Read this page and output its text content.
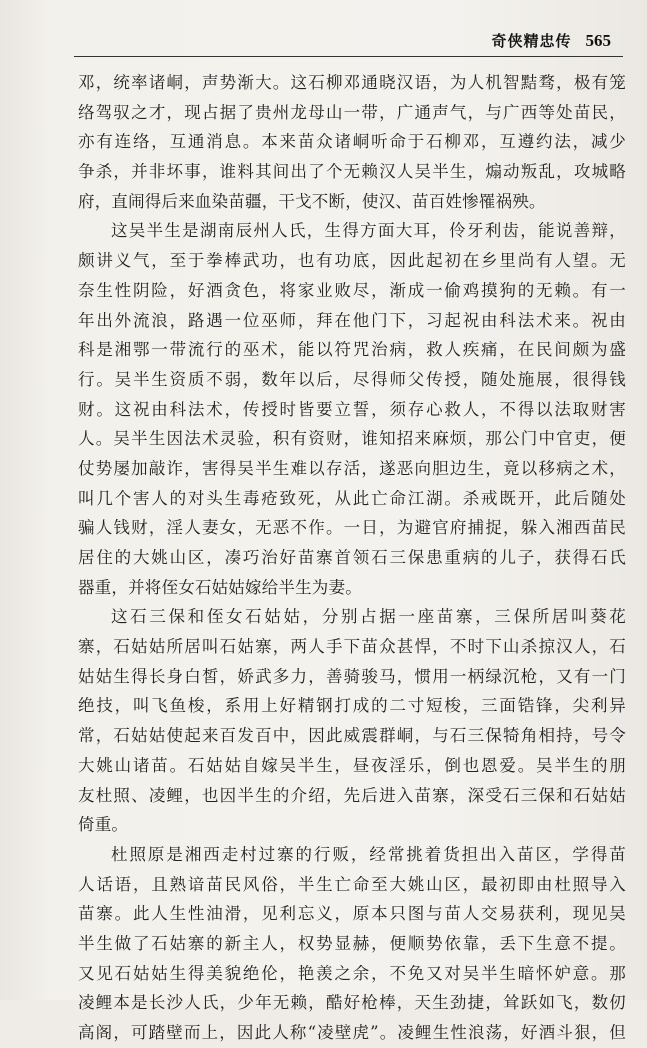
奇侠精忠传 565
邓，统率诸峒，声势渐大。这石柳邓通晓汉语，为人机智黠骛，极有笼
络驾驭之才，现占据了贵州龙母山一带，广通声气，与广西等处苗民，
亦有连络，互通消息。本来苗众诸峒听命于石柳邓，互遵约法，减少
争杀，并非坏事，谁料其间出了个无赖汉人吴半生，煽动叛乱，攻城略
府，直闹得后来血染苗疆，干戈不断，使汉、苗百姓惨罹祸殃。
这吴半生是湖南辰州人氏，生得方面大耳，伶牙利齿，能说善辩，
颇讲义气，至于拳棒武功，也有功底，因此起初在乡里尚有人望。无
奈生性阴险，好酒贪色，将家业败尽，渐成一偷鸡摸狗的无赖。有一
年出外流浪，路遇一位巫师，拜在他门下，习起祝由科法术来。祝由
科是湘鄂一带流行的巫术，能以符咒治病，救人疾痛，在民间颇为盛
行。吴半生资质不弱，数年以后，尽得师父传授，随处施展，很得钱
财。这祝由科法术，传授时皆要立誓，须存心救人，不得以法取财害
人。吴半生因法术灵验，积有资财，谁知招来麻烦，那公门中官吏，便
仗势屡加敲诈，害得吴半生难以存活，遂恶向胆边生，竟以移病之术，
叫几个害人的对头生毒疮致死，从此亡命江湖。杀戒既开，此后随处
骗人钱财，淫人妻女，无恶不作。一日，为避官府捕捉，躲入湘西苗民
居住的大姚山区，凑巧治好苗寨首领石三保患重病的儿子，获得石氏
器重，并将侄女石姑姑嫁给半生为妻。
这石三保和侄女石姑姑，分别占据一座苗寨，三保所居叫葵花
寨，石姑姑所居叫石姑寨，两人手下苗众甚悍，不时下山杀掠汉人，石
姑姑生得长身白皙，娇武多力，善骑骏马，惯用一柄绿沉枪，又有一门
绝技，叫飞鱼梭，系用上好精钢打成的二寸短梭，三面锆锋，尖利异
常，石姑姑使起来百发百中，因此威震群峒，与石三保犄角相持，号令
大姚山诸苗。石姑姑自嫁吴半生，昼夜淫乐，倒也恩爱。吴半生的朋
友杜照、凌鲤，也因半生的介绍，先后进入苗寨，深受石三保和石姑姑
倚重。
杜照原是湘西走村过寨的行贩，经常挑着货担出入苗区，学得苗
人话语，且熟谙苗民风俗，半生亡命至大姚山区，最初即由杜照导入
苗寨。此人生性油滑，见利忘义，原本只图与苗人交易获利，现见吴
半生做了石姑寨的新主人，权势显赫，便顺势依靠，丢下生意不提。
又见石姑姑生得美貌绝伦，艳羡之余，不免又对吴半生暗怀妒意。那
凌鲤本是长沙人氏，少年无赖，酷好枪棒，天生劲捷，耸跃如飞，数仞
高阁，可踏壁而上，因此人称“凌壁虎”。凌鲤生性浪荡，好酒斗狠，但
